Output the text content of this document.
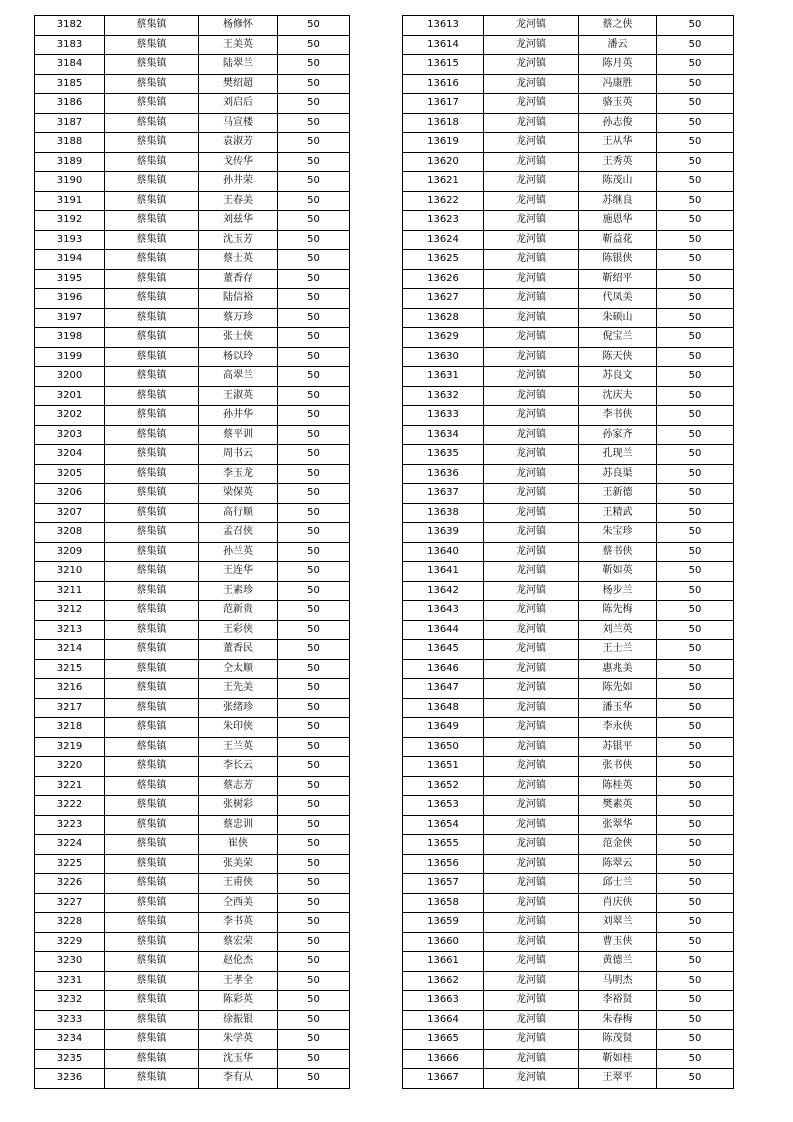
3182	蔡集镇	杨修怀	50
3183	蔡集镇	王美英	50
3184	蔡集镇	陆翠兰	50
3185	蔡集镇	樊绍超	50
3186	蔡集镇	刘启后	50
3187	蔡集镇	马宣楼	50
3188	蔡集镇	袁淑芳	50
3189	蔡集镇	戈传华	50
3190	蔡集镇	孙井荣	50
3191	蔡集镇	王春美	50
3192	蔡集镇	刘兹华	50
3193	蔡集镇	沈玉芳	50
3194	蔡集镇	蔡士英	50
3195	蔡集镇	董香存	50
3196	蔡集镇	陆信裕	50
3197	蔡集镇	蔡万珍	50
3198	蔡集镇	张士侠	50
3199	蔡集镇	杨以玲	50
3200	蔡集镇	高翠兰	50
3201	蔡集镇	王淑英	50
3202	蔡集镇	孙井华	50
3203	蔡集镇	蔡平训	50
3204	蔡集镇	周书云	50
3205	蔡集镇	李玉龙	50
3206	蔡集镇	梁保英	50
3207	蔡集镇	高行顺	50
3208	蔡集镇	孟召侠	50
3209	蔡集镇	孙兰英	50
3210	蔡集镇	王连华	50
3211	蔡集镇	王素珍	50
3212	蔡集镇	范新贵	50
3213	蔡集镇	王彩侠	50
3214	蔡集镇	董香民	50
3215	蔡集镇	仝太顺	50
3216	蔡集镇	王先美	50
3217	蔡集镇	张绪珍	50
3218	蔡集镇	朱印侠	50
3219	蔡集镇	王兰英	50
3220	蔡集镇	李长云	50
3221	蔡集镇	蔡志芳	50
3222	蔡集镇	张树彩	50
3223	蔡集镇	蔡忠训	50
3224	蔡集镇	崔侠	50
3225	蔡集镇	张美荣	50
3226	蔡集镇	王甫侠	50
3227	蔡集镇	仝西美	50
3228	蔡集镇	李书英	50
3229	蔡集镇	蔡宏荣	50
3230	蔡集镇	赵伦杰	50
3231	蔡集镇	王孝全	50
3232	蔡集镇	陈彩英	50
3233	蔡集镇	徐振银	50
3234	蔡集镇	朱学英	50
3235	蔡集镇	沈玉华	50
3236	蔡集镇	李有从	50
13613	龙河镇	蔡之侠	50
13614	龙河镇	潘云	50
13615	龙河镇	陈月英	50
13616	龙河镇	冯康胜	50
13617	龙河镇	骆玉英	50
13618	龙河镇	孙志俊	50
13619	龙河镇	王从华	50
13620	龙河镇	王秀英	50
13621	龙河镇	陈茂山	50
13622	龙河镇	苏继良	50
13623	龙河镇	施恩华	50
13624	龙河镇	靳益花	50
13625	龙河镇	陈银侠	50
13626	龙河镇	靳绍平	50
13627	龙河镇	代凤美	50
13628	龙河镇	朱硕山	50
13629	龙河镇	倪宝兰	50
13630	龙河镇	陈天侠	50
13631	龙河镇	苏良文	50
13632	龙河镇	沈庆夫	50
13633	龙河镇	李书侠	50
13634	龙河镇	孙家齐	50
13635	龙河镇	孔现兰	50
13636	龙河镇	苏良渠	50
13637	龙河镇	王新德	50
13638	龙河镇	王精武	50
13639	龙河镇	朱宝珍	50
13640	龙河镇	蔡书侠	50
13641	龙河镇	靳如英	50
13642	龙河镇	杨步兰	50
13643	龙河镇	陈先梅	50
13644	龙河镇	刘兰英	50
13645	龙河镇	王士兰	50
13646	龙河镇	惠兆美	50
13647	龙河镇	陈先如	50
13648	龙河镇	潘玉华	50
13649	龙河镇	李永侠	50
13650	龙河镇	苏银平	50
13651	龙河镇	张书侠	50
13652	龙河镇	陈桂英	50
13653	龙河镇	樊素英	50
13654	龙河镇	张翠华	50
13655	龙河镇	范金侠	50
13656	龙河镇	陈翠云	50
13657	龙河镇	邱士兰	50
13658	龙河镇	肖庆侠	50
13659	龙河镇	刘翠兰	50
13660	龙河镇	曹玉侠	50
13661	龙河镇	黄德兰	50
13662	龙河镇	马明杰	50
13663	龙河镇	李裕贤	50
13664	龙河镇	朱春梅	50
13665	龙河镇	陈茂贤	50
13666	龙河镇	靳如桂	50
13667	龙河镇	王翠平	50
